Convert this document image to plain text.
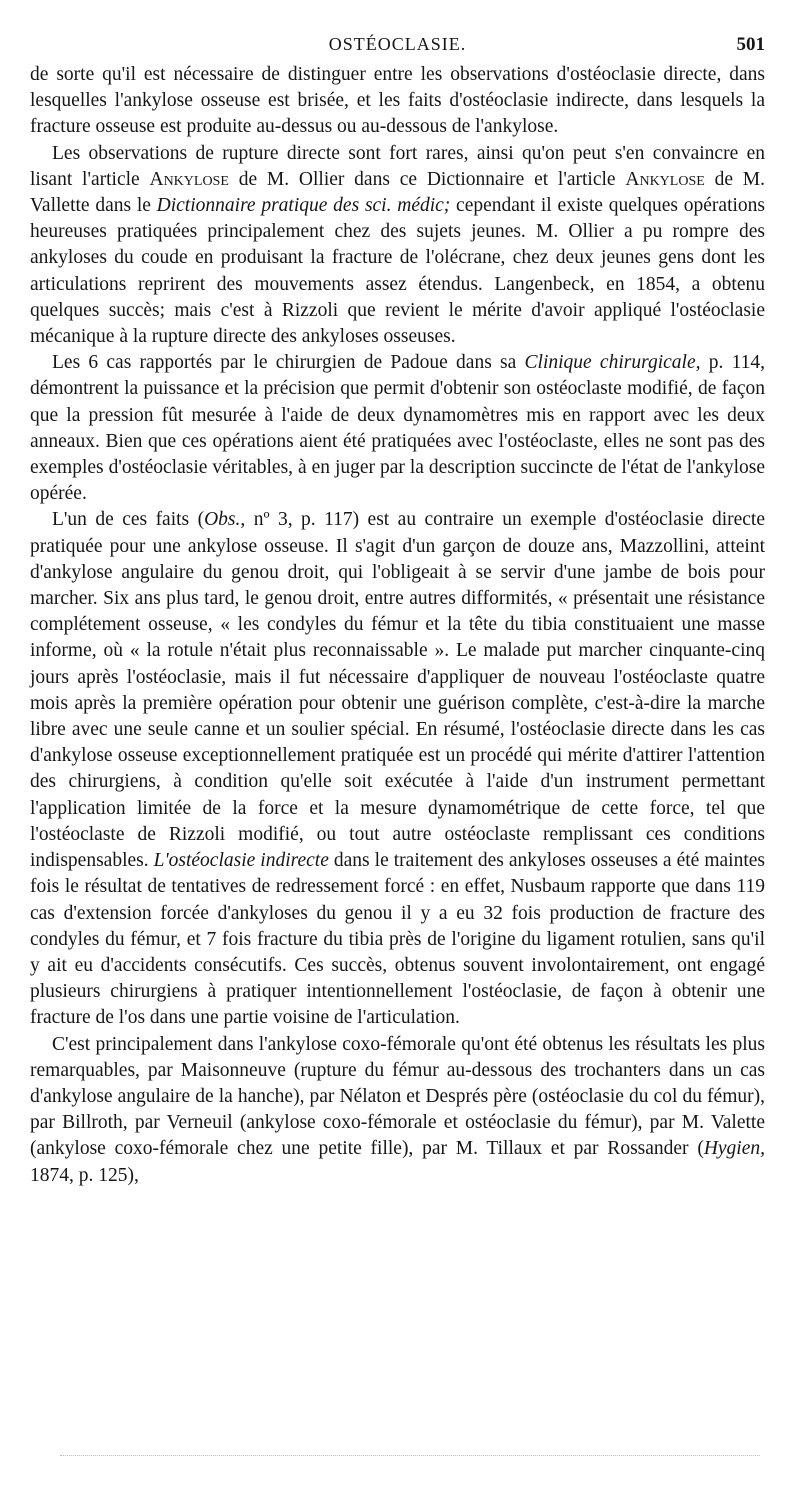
OSTÉOCLASIE.	501

de sorte qu'il est nécessaire de distinguer entre les observations d'ostéoclasie directe, dans lesquelles l'ankylose osseuse est brisée, et les faits d'ostéoclasie indirecte, dans lesquels la fracture osseuse est produite au-dessus ou au-dessous de l'ankylose.

Les observations de rupture directe sont fort rares, ainsi qu'on peut s'en convaincre en lisant l'article Ankylose de M. Ollier dans ce Dictionnaire et l'article Ankylose de M. Vallette dans le Dictionnaire pratique des sci. médic; cependant il existe quelques opérations heureuses pratiquées principalement chez des sujets jeunes. M. Ollier a pu rompre des ankyloses du coude en produisant la fracture de l'olécrane, chez deux jeunes gens dont les articulations reprirent des mouvements assez étendus. Langenbeck, en 1854, a obtenu quelques succès; mais c'est à Rizzoli que revient le mérite d'avoir appliqué l'ostéoclasie mécanique à la rupture directe des ankyloses osseuses.

Les 6 cas rapportés par le chirurgien de Padoue dans sa Clinique chirurgicale, p. 114, démontrent la puissance et la précision que permit d'obtenir son ostéoclaste modifié, de façon que la pression fût mesurée à l'aide de deux dynamomètres mis en rapport avec les deux anneaux. Bien que ces opérations aient été pratiquées avec l'ostéoclaste, elles ne sont pas des exemples d'ostéoclasie véritables, à en juger par la description succincte de l'état de l'ankylose opérée.

L'un de ces faits (Obs., nº 3, p. 117) est au contraire un exemple d'ostéoclasie directe pratiquée pour une ankylose osseuse. Il s'agit d'un garçon de douze ans, Mazzollini, atteint d'ankylose angulaire du genou droit, qui l'obligeait à se servir d'une jambe de bois pour marcher. Six ans plus tard, le genou droit, entre autres difformités, « présentait une résistance complétement osseuse, « les condyles du fémur et la tête du tibia constituaient une masse informe, où « la rotule n'était plus reconnaissable ». Le malade put marcher cinquante-cinq jours après l'ostéoclasie, mais il fut nécessaire d'appliquer de nouveau l'ostéoclaste quatre mois après la première opération pour obtenir une guérison complète, c'est-à-dire la marche libre avec une seule canne et un soulier spécial. En résumé, l'ostéoclasie directe dans les cas d'ankylose osseuse exceptionnellement pratiquée est un procédé qui mérite d'attirer l'attention des chirurgiens, à condition qu'elle soit exécutée à l'aide d'un instrument permettant l'application limitée de la force et la mesure dynamométrique de cette force, tel que l'ostéoclaste de Rizzoli modifié, ou tout autre ostéoclaste remplissant ces conditions indispensables. L'ostéoclasie indirecte dans le traitement des ankyloses osseuses a été maintes fois le résultat de tentatives de redressement forcé : en effet, Nusbaum rapporte que dans 119 cas d'extension forcée d'ankyloses du genou il y a eu 32 fois production de fracture des condyles du fémur, et 7 fois fracture du tibia près de l'origine du ligament rotulien, sans qu'il y ait eu d'accidents consécutifs. Ces succès, obtenus souvent involontairement, ont engagé plusieurs chirurgiens à pratiquer intentionnellement l'ostéoclasie, de façon à obtenir une fracture de l'os dans une partie voisine de l'articulation.

C'est principalement dans l'ankylose coxo-fémorale qu'ont été obtenus les résultats les plus remarquables, par Maisonneuve (rupture du fémur au-dessous des trochanters dans un cas d'ankylose angulaire de la hanche), par Nélaton et Després père (ostéoclasie du col du fémur), par Billroth, par Verneuil (ankylose coxo-fémorale et ostéoclasie du fémur), par M. Valette (ankylose coxo-fémorale chez une petite fille), par M. Tillaux et par Rossander (Hygien, 1874, p. 125),
